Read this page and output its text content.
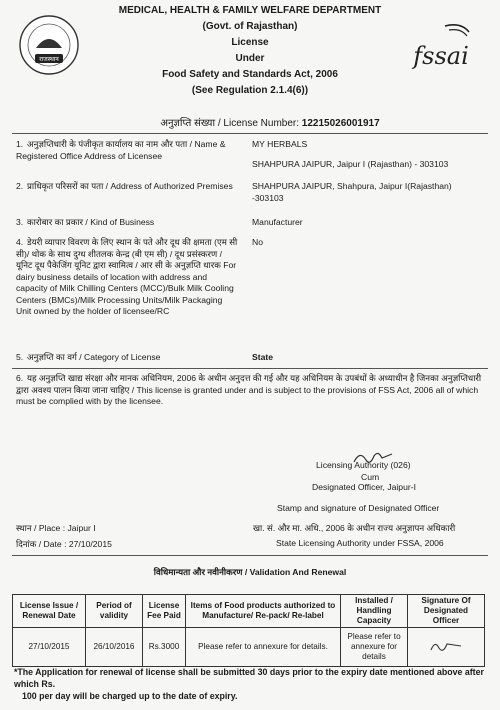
राजस्थान
MEDICAL, HEALTH & FAMILY WELFARE DEPARTMENT
(Govt. of Rajasthan)
License
Under
Food Safety and Standards Act, 2006
(See Regulation 2.1.4(6))
fssai
अनुज्ञप्ति संख्या / License Number: 12215026001917
1. अनुज्ञप्तिधारी के पंजीकृत कार्यालय का नाम और पता / Name & Registered Office Address of Licensee
MY HERBALS
SHAHPURA JAIPUR, Jaipur I (Rajasthan) - 303103
2. प्राधिकृत परिसरों का पता / Address of Authorized Premises	SHAHPURA JAIPUR, Shahpura, Jaipur I(Rajasthan) -303103
3. कारोबार का प्रकार / Kind of Business	Manufacturer
4. डेयरी व्यापार विवरण के लिए स्थान के पते और दूध की क्षमता (एम सी सी)/ थोक के साथ दुग्ध शीतलक केन्द्र (बी एम सी) / दूध प्रसंस्करण / यूनिट दूध पैकेजिंग यूनिट द्वारा स्वामित्व / आर सी के अनुज्ञप्ति धारक For dairy business details of location with address and capacity of Milk Chilling Centers (MCC)/Bulk Milk Cooling Centers (BMCs)/Milk Processing Units/Milk Packaging Unit owned by the holder of licensee/RC
No
5. अनुज्ञप्ति का वर्ग / Category of License	State
6. यह अनुज्ञप्ति खाद्य संरक्षा और मानक अधिनियम, 2006 के अधीन अनुदत्त की गई और यह अधिनियम के उपबंधों के अध्याधीन है जिनका अनुज्ञप्तिधारी द्वारा अवश्य पालन किया जाना चाहिए / This license is granted under and is subject to the provisions of FSS Act, 2006 all of which must be complied with by the licensee.
Licensing Authority (026)
Cum
Designated Officer, Jaipur-I
Stamp and signature of Designated Officer
स्थान / Place : Jaipur I
दिनांक / Date : 27/10/2015
खा. सं. और मा. अधि., 2006 के अधीन राज्य अनुज्ञापन अधिकारी
State Licensing Authority under FSSA, 2006
विधिमान्यता और नवीनीकरण / Validation And Renewal
License Issue / Renewal Date	Period of validity	License Fee Paid	Items of Food products authorized to Manufacture/ Re-pack/ Re-label	Installed / Handling Capacity	Signature Of Designated Officer
27/10/2015	26/10/2016	Rs.3000	Please refer to annexure for details.	Please refer to annexure for details	
*The Application for renewal of license shall be submitted 30 days prior to the expiry date mentioned above after which Rs.
100 per day will be charged up to the date of expiry.
